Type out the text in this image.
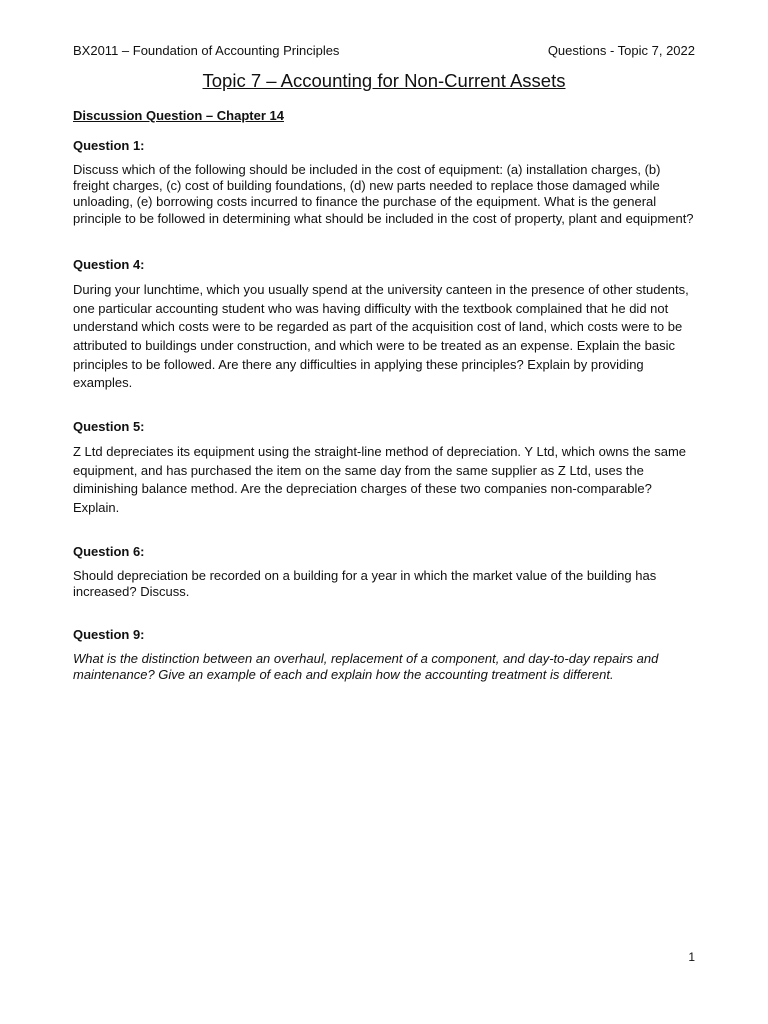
BX2011 – Foundation of Accounting Principles	Questions - Topic 7, 2022
Topic 7 – Accounting for Non-Current Assets

Discussion Question – Chapter 14

Question 1:

Discuss which of the following should be included in the cost of equipment: (a) installation charges, (b) freight charges, (c) cost of building foundations, (d) new parts needed to replace those damaged while unloading, (e) borrowing costs incurred to finance the purchase of the equipment. What is the general principle to be followed in determining what should be included in the cost of property, plant and equipment?

Question 4:

During your lunchtime, which you usually spend at the university canteen in the presence of other students, one particular accounting student who was having difficulty with the textbook complained that he did not understand which costs were to be regarded as part of the acquisition cost of land, which costs were to be attributed to buildings under construction, and which were to be treated as an expense. Explain the basic principles to be followed. Are there any difficulties in applying these principles? Explain by providing examples.

Question 5:

Z Ltd depreciates its equipment using the straight-line method of depreciation. Y Ltd, which owns the same equipment, and has purchased the item on the same day from the same supplier as Z Ltd, uses the diminishing balance method. Are the depreciation charges of these two companies non-comparable? Explain.

Question 6:

Should depreciation be recorded on a building for a year in which the market value of the building has increased? Discuss.

Question 9:

What is the distinction between an overhaul, replacement of a component, and day-to-day repairs and maintenance? Give an example of each and explain how the accounting treatment is different.

1
